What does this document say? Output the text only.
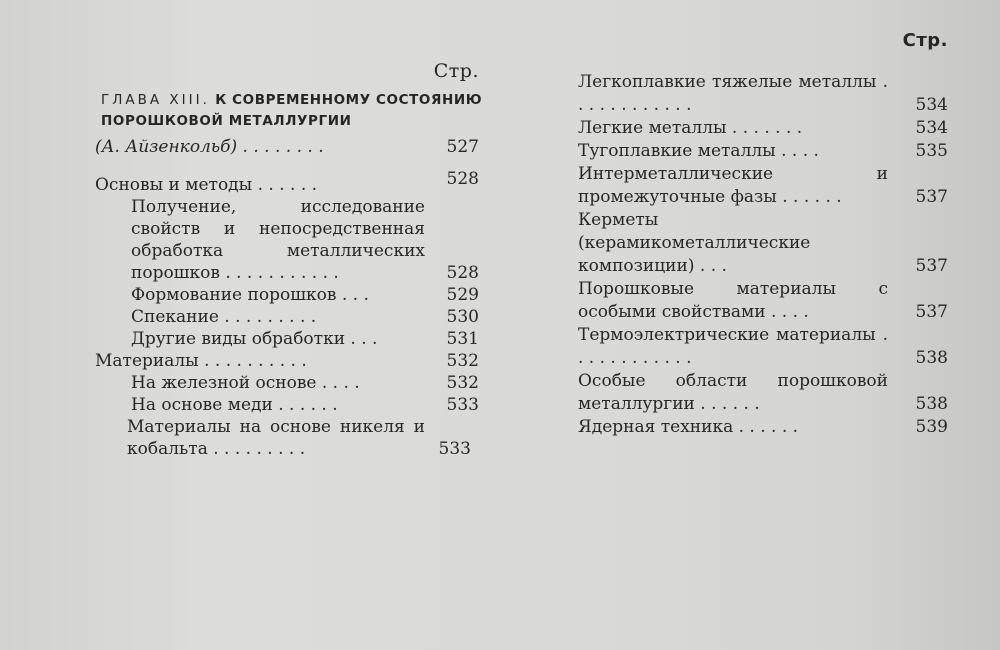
Стр.
ГЛАВА XIII. К СОВРЕМЕННОМУ СОСТОЯНИЮ
ПОРОШКОВОЙ МЕТАЛЛУРГИИ
(А. Айзенкольб) . . . . . . . .	527
Основы и методы . . . . . .	528
Получение, исследование свойств и непосредственная обработка металлических порошков . . . . . . . . . . .	528
Формование порошков . . .	529
Спекание . . . . . . . . .	530
Другие виды обработки . . .	531
Материалы . . . . . . . . . .	532
На железной основе . . . .	532
На основе меди . . . . . .	533
Материалы на основе никеля и кобальта . . . . . . . . .	533
Стр.
Легкоплавкие тяжелые металлы . . . . . . . . . . . .	534
Легкие металлы . . . . . . .	534
Тугоплавкие металлы . . . .	535
Интерметаллические и промежуточные фазы . . . . . .	537
Керметы (керамикометаллические композиции) . . .	537
Порошковые материалы с особыми свойствами . . . .	537
Термоэлектрические материалы . . . . . . . . . . . .	538
Особые области порошковой металлургии . . . . . .	538
Ядерная техника . . . . . .	539
